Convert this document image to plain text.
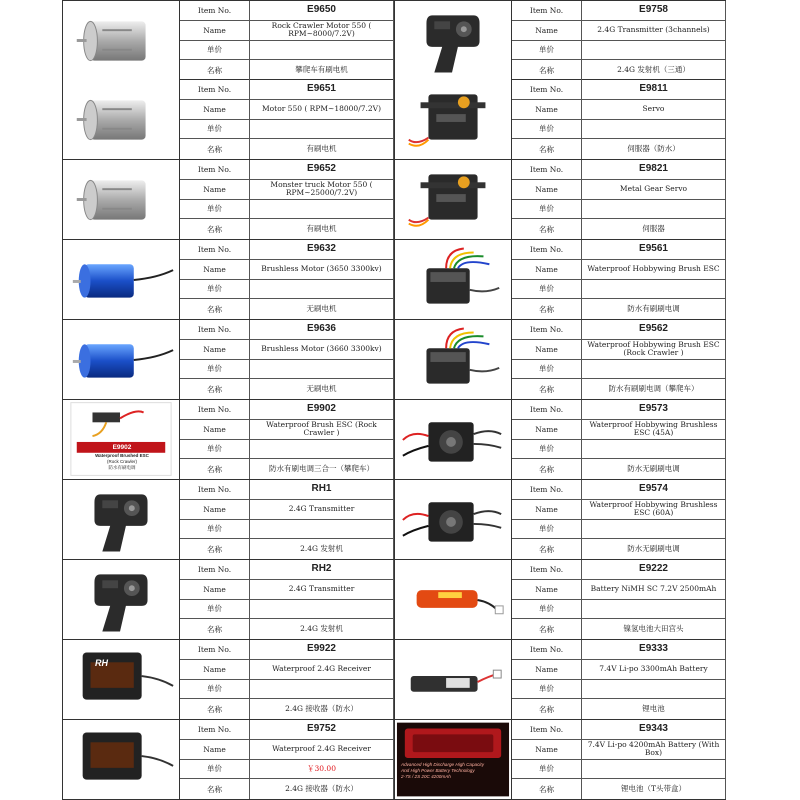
Item No.	E9650
Name	Rock Crawler Motor 550 ( RPM~8000/7.2V)
单价
名称	攀爬车有刷电机
Item No.	E9651
Name	Motor 550 ( RPM~18000/7.2V)
单价
名称	有刷电机
Item No.	E9652
Name	Monster truck Motor 550 ( RPM~25000/7.2V)
单价
名称	有刷电机
Item No.	E9632
Name	Brushless Motor (3650 3300kv)
单价
名称	无刷电机
Item No.	E9636
Name	Brushless Motor (3660 3300kv)
单价
名称	无刷电机
E9902
Waterproof Brushed ESC
(Rock Crawler)
防水有刷电调
Item No.	E9902
Name	Waterproof Brush ESC (Rock Crawler )
单价
名称	防水有刷电调三合一（攀爬车）
Item No.	RH1
Name	2.4G Transmitter
单价
名称	2.4G 发射机
Item No.	RH2
Name	2.4G Transmitter
单价
名称	2.4G 发射机
RH
Item No.	E9922
Name	Waterproof 2.4G Receiver
单价
名称	2.4G 接收器（防水）
Item No.	E9752
Name	Waterproof 2.4G Receiver
单价	￥30.00
名称	2.4G 接收器（防水）
Item No.	E9758
Name	2.4G Transmitter (3channels)
单价
名称	2.4G 发射机（三通）
Item No.	E9811
Name	Servo
单价
名称	伺服器（防水）
Item No.	E9821
Name	Metal Gear Servo
单价
名称	伺服器
Item No.	E9561
Name	Waterproof Hobbywing Brush ESC
单价
名称	防水有刷刷电调
Item No.	E9562
Name	Waterproof Hobbywing Brush ESC (Rock Crawler )
单价
名称	防水有刷刷电调（攀爬车）
Item No.	E9573
Name	Waterproof Hobbywing Brushless ESC (45A)
单价
名称	防水无刷刷电调
Item No.	E9574
Name	Waterproof Hobbywing Brushless ESC (60A)
单价
名称	防水无刷刷电调
Item No.	E9222
Name	Battery NiMH SC 7.2V 2500mAh
单价
名称	镍氢电池大田宫头
Item No.	E9333
Name	7.4V Li-po 3300mAh Battery
单价
名称	锂电池
Advanced High Discharge High Capacity
And High Power Battery Technology
2-7S / 2S 20C 4200mAh
Item No.	E9343
Name	7.4V Li-po 4200mAh Battery (With Box)
单价
名称	锂电池（T头带盒）
